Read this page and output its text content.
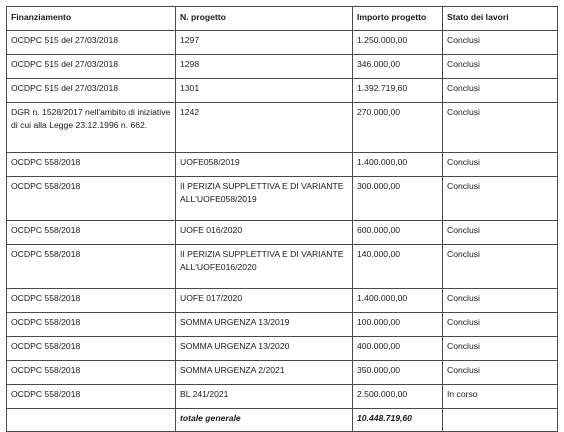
Finanziamento	N. progetto	Importo progetto	Stato dei lavori
OCDPC 515 del 27/03/2018	1297	1.250.000,00	Conclusi
OCDPC 515 del 27/03/2018	1298	346.000,00	Conclusi
OCDPC 515 del 27/03/2018	1301	1.392.719,60	Conclusi
DGR n. 1528/2017 nell'ambito di iniziative di cui alla Legge 23.12.1996 n. 662.	1242	270.000,00	Conclusi
OCDPC 558/2018	UOFE058/2019	1.400.000,00	Conclusi
OCDPC 558/2018	II PERIZIA SUPPLETTIVA E DI VARIANTE ALL'UOFE058/2019	300.000,00	Conclusi
OCDPC 558/2018	UOFE 016/2020	600.000,00	Conclusi
OCDPC 558/2018	II PERIZIA SUPPLETTIVA E DI VARIANTE ALL'UOFE016/2020	140.000,00	Conclusi
OCDPC 558/2018	UOFE 017/2020	1.400.000,00	Conclusi
OCDPC 558/2018	SOMMA URGENZA 13/2019	100.000,00	Conclusi
OCDPC 558/2018	SOMMA URGENZA 13/2020	400.000,00	Conclusi
OCDPC 558/2018	SOMMA URGENZA 2/2021	350.000,00	Conclusi
OCDPC 558/2018	BL 241/2021	2.500.000,00	In corso
	totale generale	10.448.719,60	
